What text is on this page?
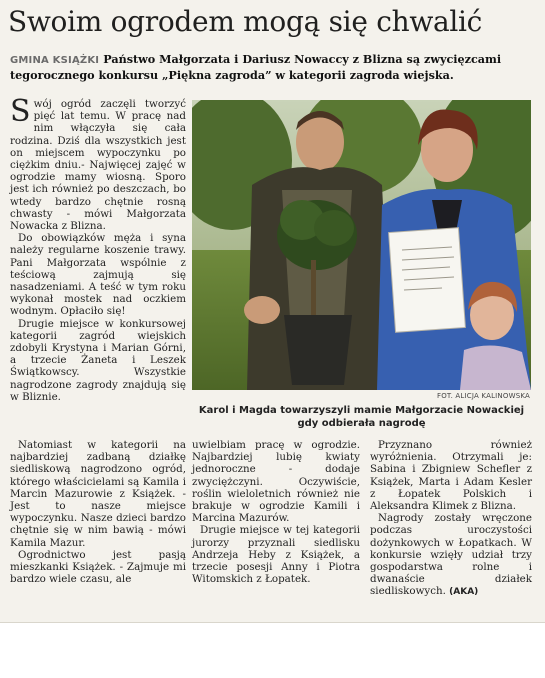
Swoim ogrodem mogą się chwalić
GMINA KSIĄŻKI Państwo Małgorzata i Dariusz Nowaccy z Blizna są zwycięzcami tegorocznego konkursu „Piękna zagroda” w kategorii zagroda wiejska.

Swój ogród zaczęli tworzyć pięć lat temu. W pracę nad nim włączyła się cała rodzina. Dziś dla wszystkich jest on miejscem wypoczynku po ciężkim dniu.- Najwięcej zajęć w ogrodzie mamy wiosną. Sporo jest ich również po deszczach, bo wtedy bardzo chętnie rosną chwasty - mówi Małgorzata Nowacka z Blizna.

Do obowiązków męża i syna należy regularne koszenie trawy. Pani Małgorzata wspólnie z teściową zajmują się nasadzeniami. A teść w tym roku wykonał mostek nad oczkiem wodnym. Opłaciło się!

Drugie miejsce w konkursowej kategorii zagród wiejskich zdobyli Krystyna i Marian Górni, a trzecie Żaneta i Leszek Świątkowscy. Wszystkie nagrodzone zagrody znajdują się w Bliznie.	FOT. ALICJA KALINOWSKA
Karol i Magda towarzyszyli mamie Małgorzacie Nowackiej gdy odbierała nagrodę

Natomiast w kategorii na najbardziej zadbaną działkę siedliskową nagrodzono ogród, którego właścicielami są Kamila i Marcin Mazurowie z Książek. - Jest to nasze miejsce wypoczynku. Nasze dzieci bardzo chętnie się w nim bawią - mówi Kamila Mazur.

Ogrodnictwo jest pasją mieszkanki Książek. - Zajmuje mi bardzo wiele czasu, ale

uwielbiam pracę w ogrodzie. Najbardziej lubię kwiaty jednoroczne - dodaje zwyciężczyni. Oczywiście, roślin wieloletnich również nie brakuje w ogrodzie Kamili i Marcina Mazurów.

Drugie miejsce w tej kategorii jurorzy przyznali siedlisku Andrzeja Heby z Książek, a trzecie posesji Anny i Piotra Witomskich z Łopatek.

Przyznano również wyróżnienia. Otrzymali je: Sabina i Zbigniew Schefler z Książek, Marta i Adam Kesler z Łopatek Polskich i Aleksandra Klimek z Blizna.

Nagrody zostały wręczone podczas uroczystości dożynkowych w Łopatkach. W konkursie wzięły udział trzy gospodarstwa rolne i dwanaście działek siedliskowych. (AKA)
